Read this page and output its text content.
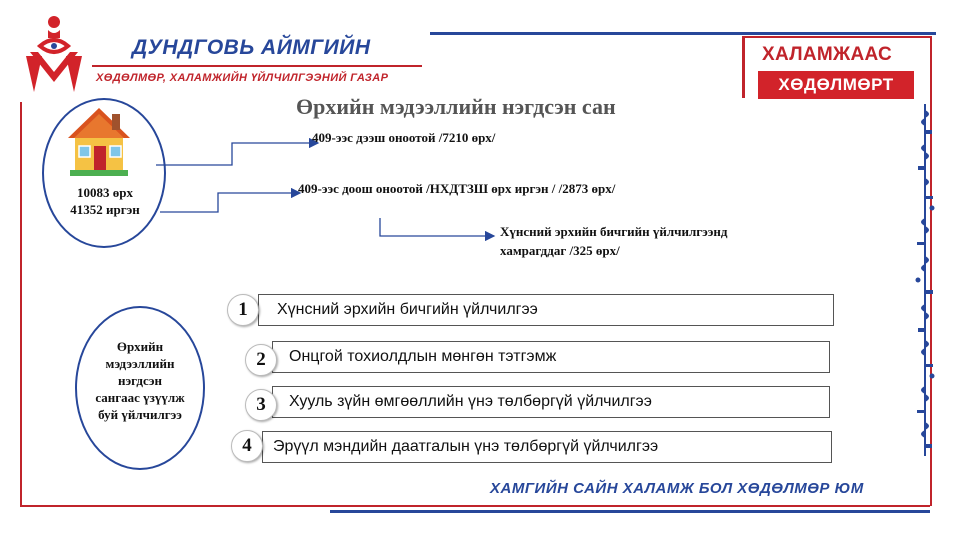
ДУНДГОВЬ АЙМГИЙН
ХӨДӨЛМӨР, ХАЛАМЖИЙН ҮЙЛЧИЛГЭЭНИЙ ГАЗАР
ХАЛАМЖААС
ХӨДӨЛМӨРТ
Өрхийн мэдээллийн нэгдсэн сан
10083 өрх
41352 иргэн
409-ээс дээш оноотой /7210 өрх/
409-ээс доош оноотой /НХДТЗШ өрх иргэн / /2873 өрх/
Хүнсний эрхийн бичгийн үйлчилгээнд
хамрагддаг /325 өрх/
Өрхийн
мэдээллийн
нэгдсэн
сангаас үзүүлж
буй үйлчилгээ
Хүнсний эрхийн бичгийн үйлчилгээ
1
Онцгой тохиолдлын мөнгөн тэтгэмж
2
Хууль зүйн өмгөөллийн үнэ төлбөргүй үйлчилгээ
3
Эрүүл мэндийн даатгалын үнэ төлбөргүй үйлчилгээ
4
ХАМГИЙН САЙН ХАЛАМЖ БОЛ ХӨДӨЛМӨР ЮМ
